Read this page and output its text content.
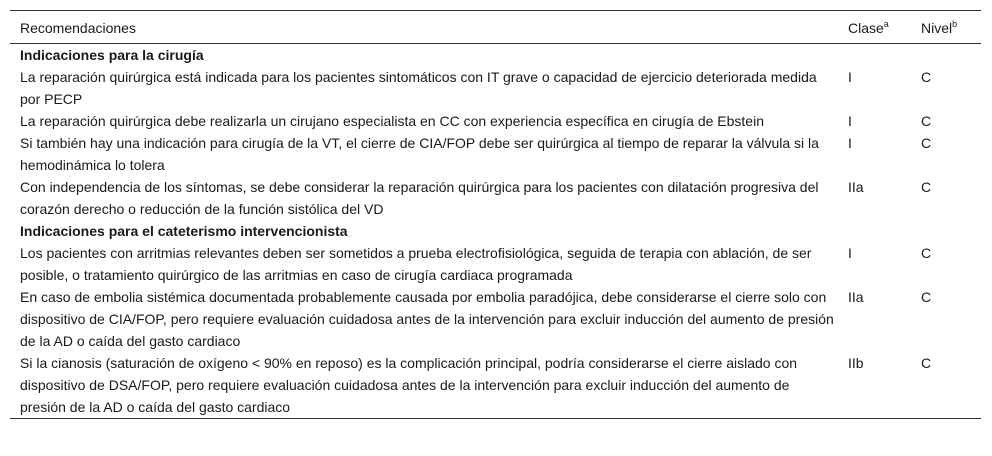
Recomendaciones	Clase$^a$	Nivel$^b$
Indicaciones para la cirugía		
La reparación quirúrgica está indicada para los pacientes sintomáticos con IT grave o capacidad de ejercicio deteriorada medida por PECP	I	C
La reparación quirúrgica debe realizarla un cirujano especialista en CC con experiencia específica en cirugía de Ebstein	I	C
Si también hay una indicación para cirugía de la VT, el cierre de CIA/FOP debe ser quirúrgica al tiempo de reparar la válvula si la hemodinámica lo tolera	I	C
Con independencia de los síntomas, se debe considerar la reparación quirúrgica para los pacientes con dilatación progresiva del corazón derecho o reducción de la función sistólica del VD	IIa	C
Indicaciones para el cateterismo intervencionista		
Los pacientes con arritmias relevantes deben ser sometidos a prueba electrofisiológica, seguida de terapia con ablación, de ser posible, o tratamiento quirúrgico de las arritmias en caso de cirugía cardiaca programada	I	C
En caso de embolia sistémica documentada probablemente causada por embolia paradójica, debe considerarse el cierre solo con dispositivo de CIA/FOP, pero requiere evaluación cuidadosa antes de la intervención para excluir inducción del aumento de presión de la AD o caída del gasto cardiaco	IIa	C
Si la cianosis (saturación de oxígeno < 90% en reposo) es la complicación principal, podría considerarse el cierre aislado con dispositivo de DSA/FOP, pero requiere evaluación cuidadosa antes de la intervención para excluir inducción del aumento de presión de la AD o caída del gasto cardiaco	IIb	C
